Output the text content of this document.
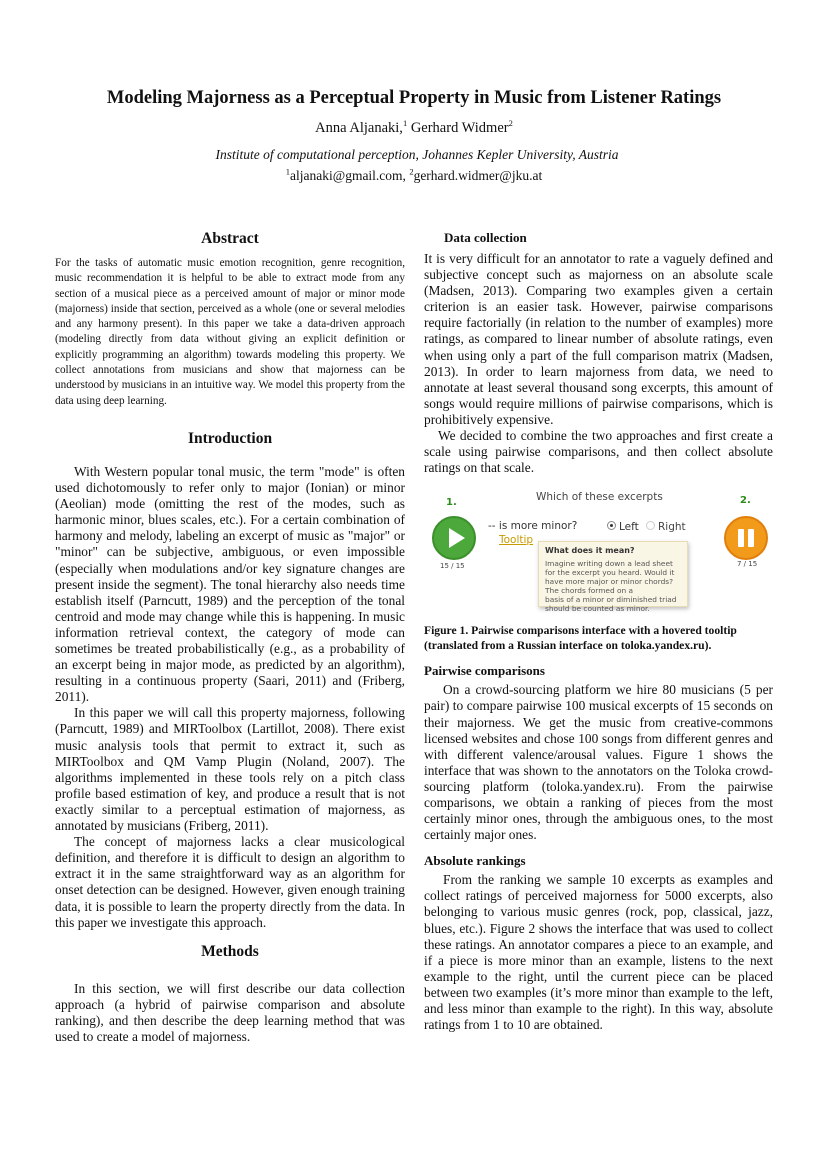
Modeling Majorness as a Perceptual Property in Music from Listener Ratings
Anna Aljanaki,$^1$ Gerhard Widmer$^2$
Institute of computational perception, Johannes Kepler University, Austria
$^1$aljanaki@gmail.com, $^2$gerhard.widmer@jku.at
Abstract

For the tasks of automatic music emotion recognition, genre recognition, music recommendation it is helpful to be able to extract mode from any section of a musical piece as a perceived amount of major or minor mode (majorness) inside that section, perceived as a whole (one or several melodies and any harmony present). In this paper we take a data-driven approach (modeling directly from data without giving an explicit definition or explicitly programming an algorithm) towards modeling this property. We collect annotations from musicians and show that majorness can be understood by musicians in an intuitive way. We model this property from the data using deep learning.

Introduction

With Western popular tonal music, the term "mode" is often used dichotomously to refer only to major (Ionian) or minor (Aeolian) mode (omitting the rest of the modes, such as harmonic minor, blues scales, etc.). For a certain combination of harmony and melody, labeling an excerpt of music as "major" or "minor" can be subjective, ambiguous, or even impossible (especially when modulations and/or key signature changes are present inside the segment). The tonal hierarchy also needs time establish itself (Parncutt, 1989) and the perception of the tonal centroid and mode may change while this is happening. In music information retrieval context, the category of mode can sometimes be treated probabilistically (e.g., as a probability of an excerpt being in major mode, as predicted by an algorithm), resulting in a continuous property (Saari, 2011) and (Friberg, 2011).

In this paper we will call this property majorness, following (Parncutt, 1989) and MIRToolbox (Lartillot, 2008). There exist music analysis tools that permit to extract it, such as MIRToolbox and QM Vamp Plugin (Noland, 2007). The algorithms implemented in these tools rely on a pitch class profile based estimation of key, and produce a result that is not exactly similar to a perceptual estimation of majorness, as annotated by musicians (Friberg, 2011).

The concept of majorness lacks a clear musicological definition, and therefore it is difficult to design an algorithm to extract it in the same straightforward way as an algorithm for onset detection can be designed. However, given enough training data, it is possible to learn the property directly from the data. In this paper we investigate this approach.

Methods

In this section, we will first describe our data collection approach (a hybrid of pairwise comparison and absolute ranking), and then describe the deep learning method that was used to create a model of majorness.

Data collection

It is very difficult for an annotator to rate a vaguely defined and subjective concept such as majorness on an absolute scale (Madsen, 2013). Comparing two examples given a certain criterion is an easier task. However, pairwise comparisons require factorially (in relation to the number of examples) more ratings, as compared to linear number of absolute ratings, even when using only a part of the full comparison matrix (Madsen, 2013). In order to learn majorness from data, we need to annotate at least several thousand song excerpts, this amount of songs would require millions of pairwise comparisons, which is prohibitively expensive.

We decided to combine the two approaches and first create a scale using pairwise comparisons, and then collect absolute ratings on that scale.

1.	2.
Which of these excerpts
15 / 15
-- is more minor?	Left	Right
Tooltip
What does it mean?
Imagine writing down a lead sheet
for the excerpt you heard. Would it
have more major or minor chords?
The chords formed on a
basis of a minor or diminished triad
should be counted as minor.
7 / 15

Figure 1. Pairwise comparisons interface with a hovered tooltip (translated from a Russian interface on toloka.yandex.ru).

Pairwise comparisons

On a crowd-sourcing platform we hire 80 musicians (5 per pair) to compare pairwise 100 musical excerpts of 15 seconds on their majorness. We get the music from creative-commons licensed websites and chose 100 songs from different genres and with different valence/arousal values. Figure 1 shows the interface that was shown to the annotators on the Toloka crowd-sourcing platform (toloka.yandex.ru). From the pairwise comparisons, we obtain a ranking of pieces from the most certainly minor ones, through the ambiguous ones, to the most certainly major ones.

Absolute rankings

From the ranking we sample 10 excerpts as examples and collect ratings of perceived majorness for 5000 excerpts, also belonging to various music genres (rock, pop, classical, jazz, blues, etc.). Figure 2 shows the interface that was used to collect these ratings. An annotator compares a piece to an example, and if a piece is more minor than an example, listens to the next example to the right, until the current piece can be placed between two examples (it’s more minor than example to the left, and less minor than example to the right). In this way, absolute ratings from 1 to 10 are obtained.
